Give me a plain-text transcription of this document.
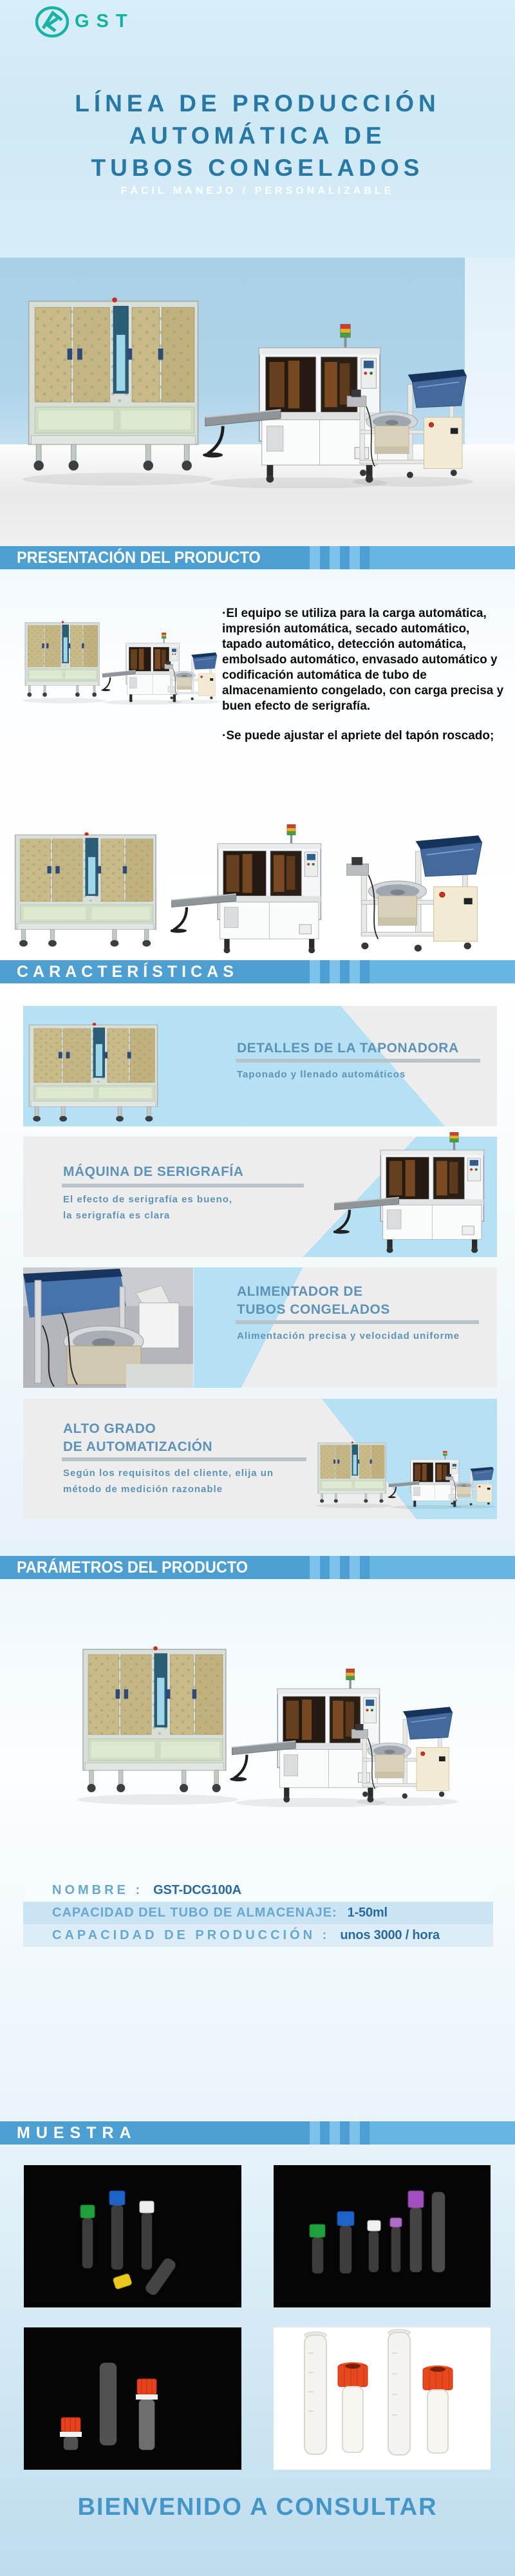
GST
LÍNEA DE PRODUCCIÓN
AUTOMÁTICA DE
TUBOS CONGELADOS
FÁCIL MANEJO / PERSONALIZABLE
PRESENTACIÓN DEL PRODUCTO

·El equipo se utiliza para la carga automática, impresión automática, secado automático, tapado automático, detección automática, embolsado automático, envasado automático y codificación automática de tubo de almacenamiento congelado, con carga precisa y buen efecto de serigrafía.

·Se puede ajustar el apriete del tapón roscado;

CARACTERÍSTICAS
DETALLES DE LA TAPONADORA
Taponado y llenado automáticos
MÁQUINA DE SERIGRAFÍA
El efecto de serigrafía es bueno,
la serigrafía es clara
ALIMENTADOR DE
TUBOS CONGELADOS
Alimentación precisa y velocidad uniforme
ALTO GRADO
DE AUTOMATIZACIÓN
Según los requisitos del cliente, elija un
método de medición razonable
PARÁMETROS DEL PRODUCTO
NOMBRE : GST-DCG100A
CAPACIDAD DEL TUBO DE ALMACENAJE: 1-50ml
CAPACIDAD DE PRODUCCIÓN : unos 3000 / hora
MUESTRA
BIENVENIDO A CONSULTAR
